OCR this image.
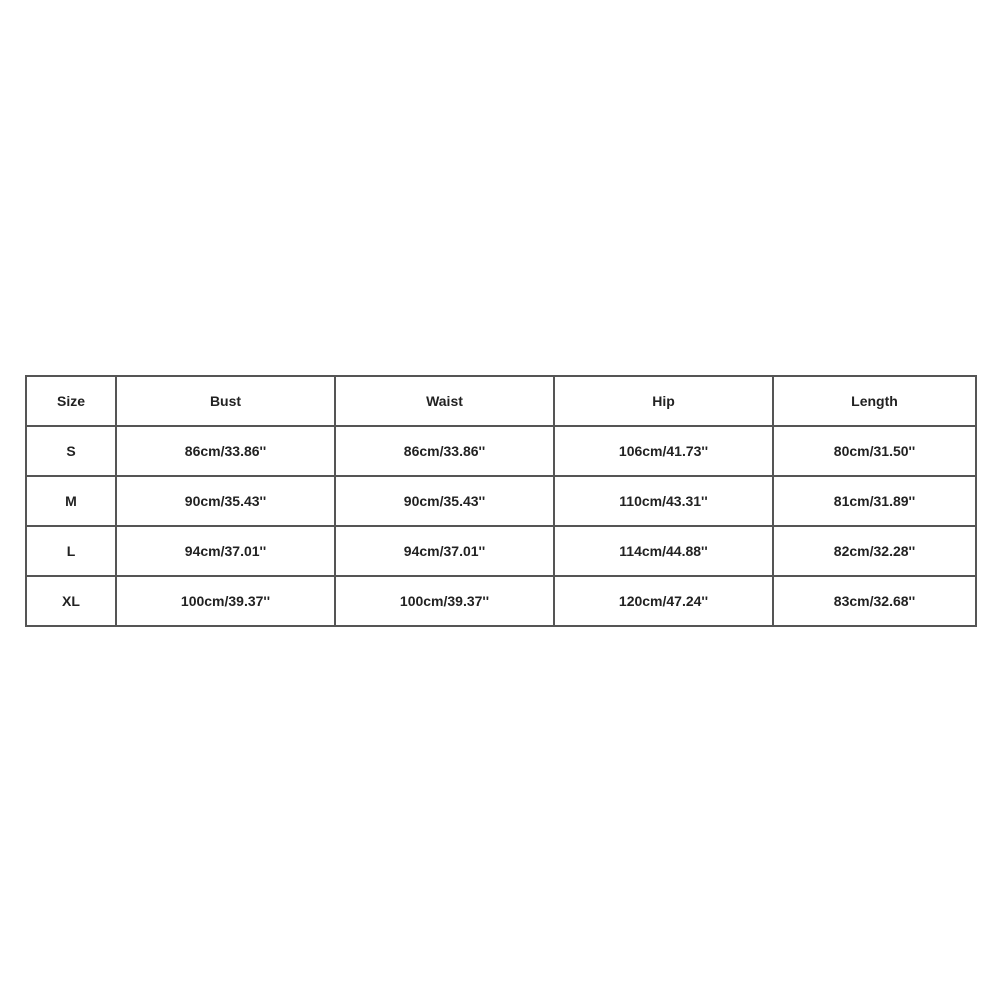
Size	Bust	Waist	Hip	Length
S	86cm/33.86''	86cm/33.86''	106cm/41.73''	80cm/31.50''
M	90cm/35.43''	90cm/35.43''	110cm/43.31''	81cm/31.89''
L	94cm/37.01''	94cm/37.01''	114cm/44.88''	82cm/32.28''
XL	100cm/39.37''	100cm/39.37''	120cm/47.24''	83cm/32.68''
